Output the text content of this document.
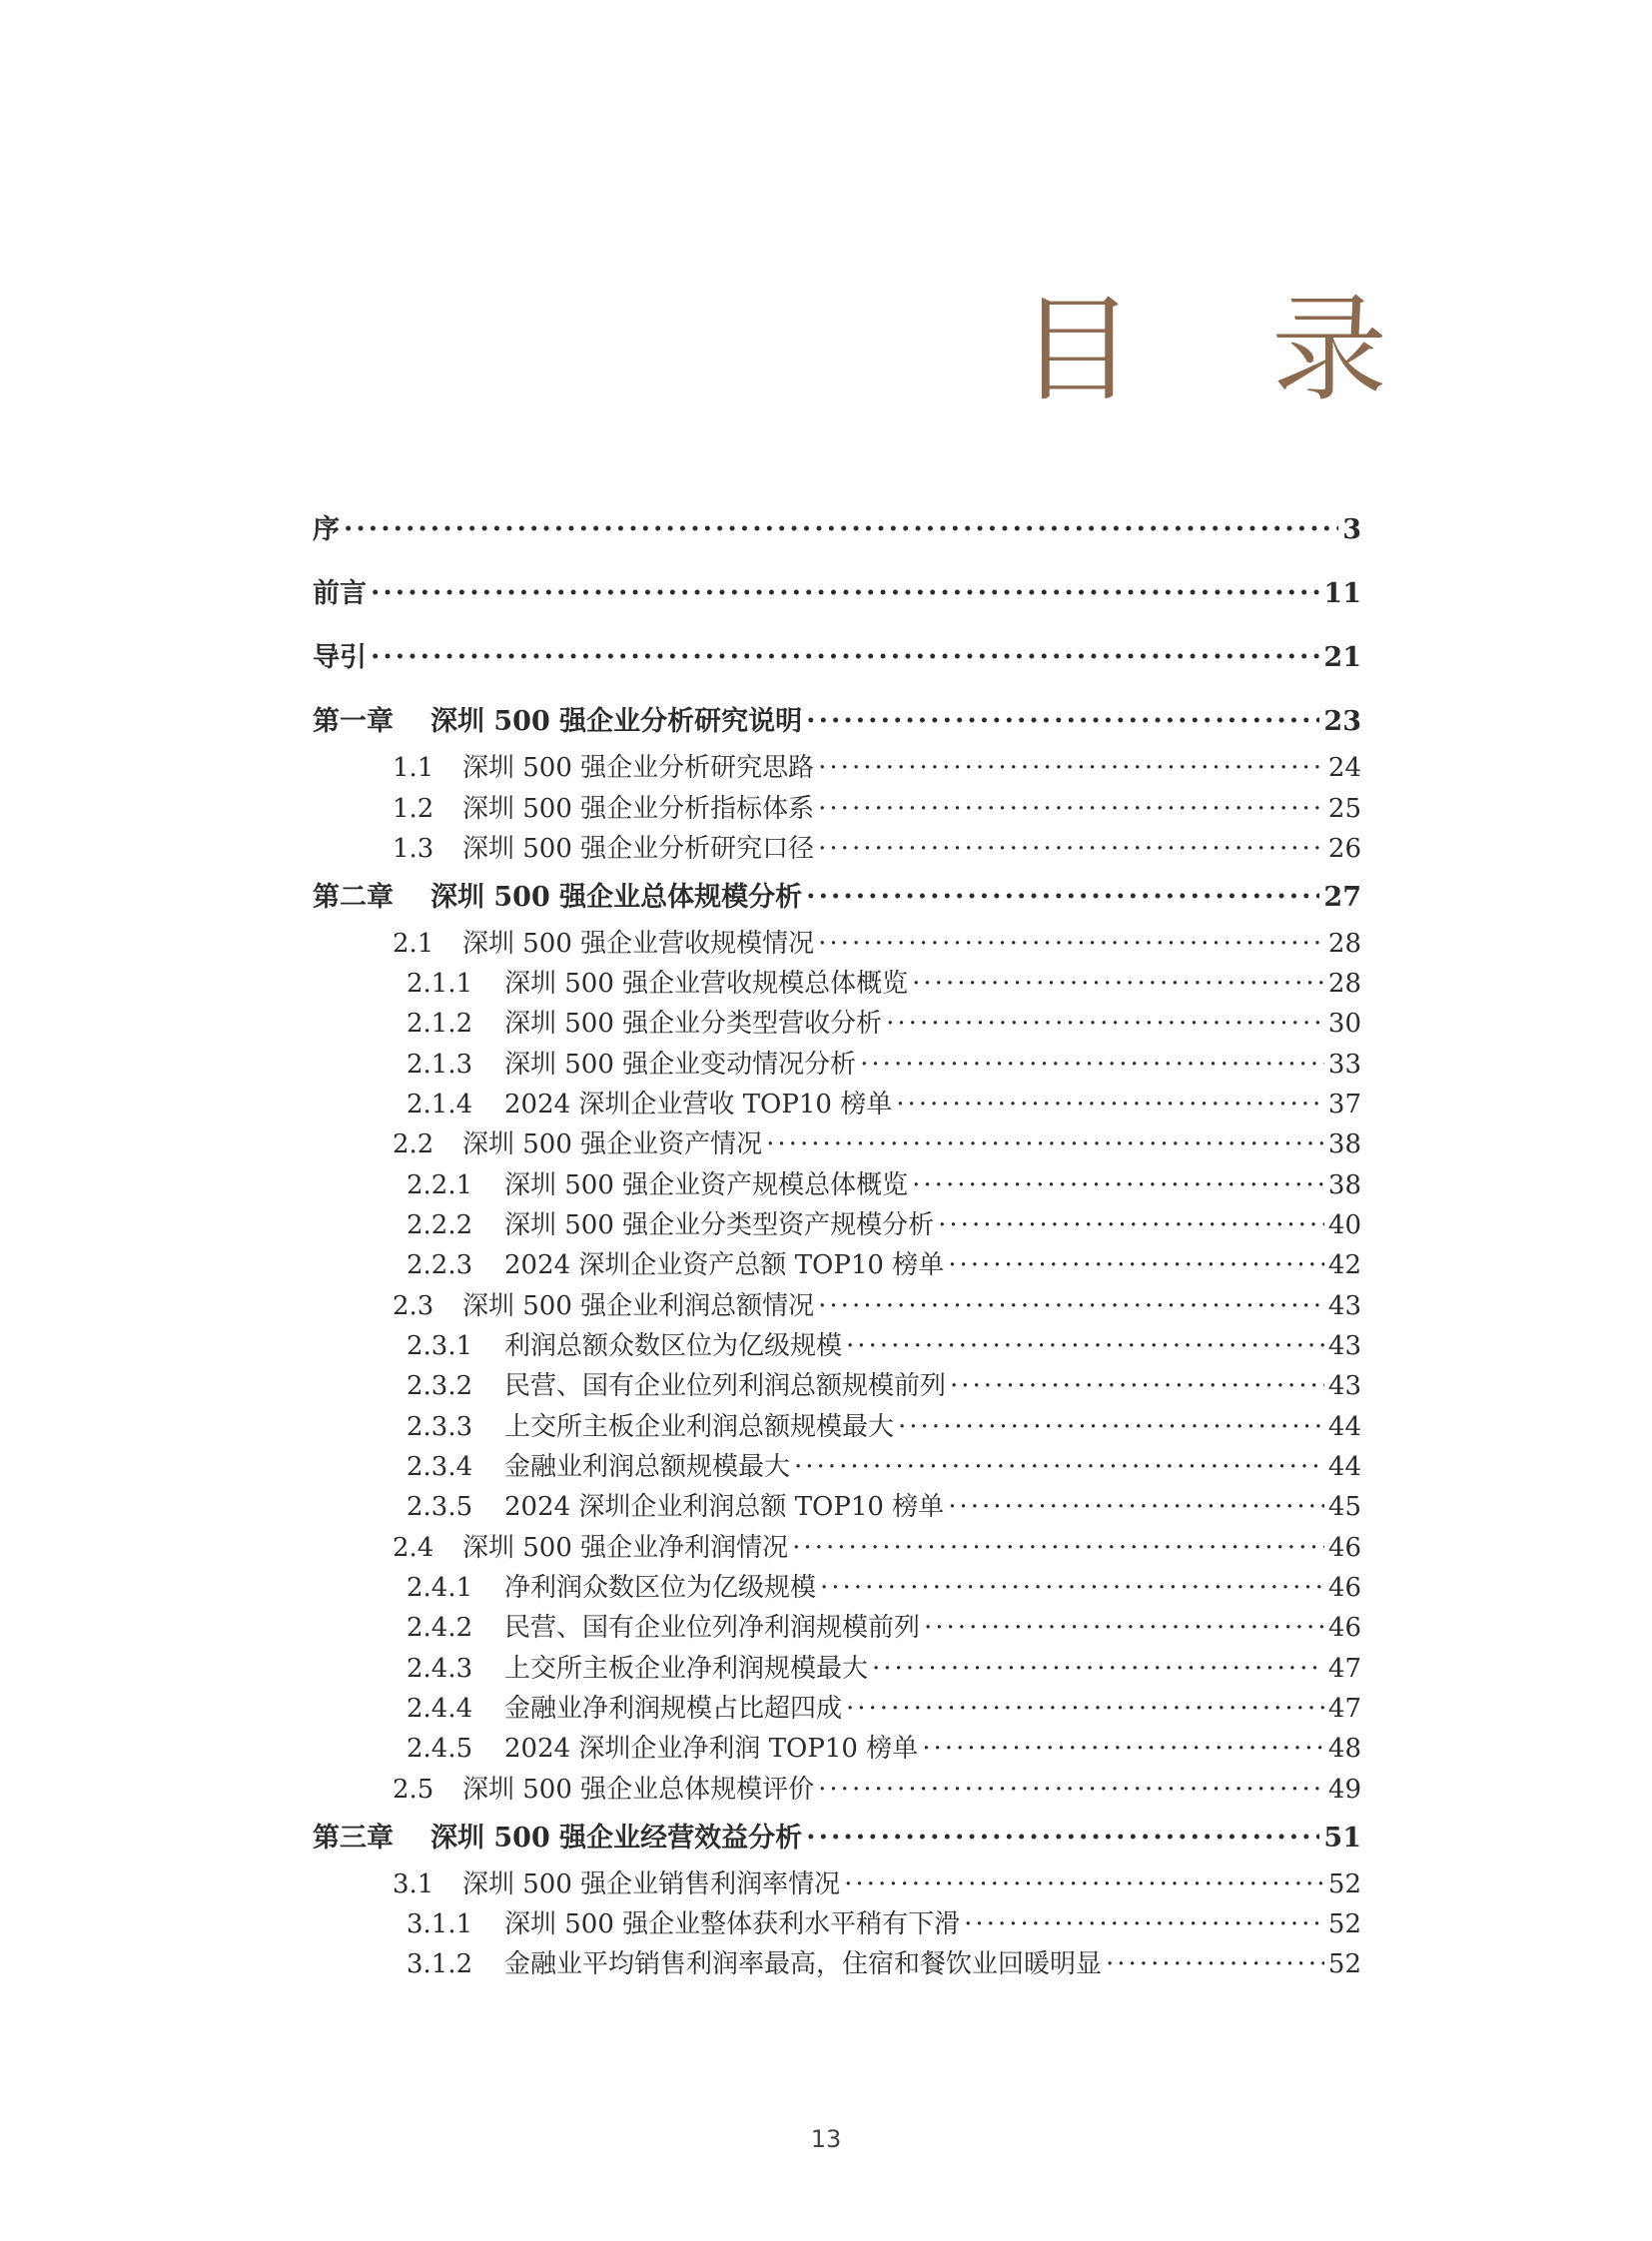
目 录
序 .....	3
前言 .....	11
导引 .....	21
第一章	深圳 500 强企业分析研究说明 .....	23
1.1	深圳 500 强企业分析研究思路 .....	24
1.2	深圳 500 强企业分析指标体系 .....	25
1.3	深圳 500 强企业分析研究口径 .....	26
第二章	深圳 500 强企业总体规模分析 .....	27
2.1	深圳 500 强企业营收规模情况 .....	28
2.1.1	深圳 500 强企业营收规模总体概览 .....	28
2.1.2	深圳 500 强企业分类型营收分析 .....	30
2.1.3	深圳 500 强企业变动情况分析 .....	33
2.1.4	2024 深圳企业营收 TOP10 榜单 .....	37
2.2	深圳 500 强企业资产情况 .....	38
2.2.1	深圳 500 强企业资产规模总体概览 .....	38
2.2.2	深圳 500 强企业分类型资产规模分析 .....	40
2.2.3	2024 深圳企业资产总额 TOP10 榜单 .....	42
2.3	深圳 500 强企业利润总额情况 .....	43
2.3.1	利润总额众数区位为亿级规模 .....	43
2.3.2	民营、国有企业位列利润总额规模前列 .....	43
2.3.3	上交所主板企业利润总额规模最大 .....	44
2.3.4	金融业利润总额规模最大 .....	44
2.3.5	2024 深圳企业利润总额 TOP10 榜单 .....	45
2.4	深圳 500 强企业净利润情况 .....	46
2.4.1	净利润众数区位为亿级规模 .....	46
2.4.2	民营、国有企业位列净利润规模前列 .....	46
2.4.3	上交所主板企业净利润规模最大 .....	47
2.4.4	金融业净利润规模占比超四成 .....	47
2.4.5	2024 深圳企业净利润 TOP10 榜单 .....	48
2.5	深圳 500 强企业总体规模评价 .....	49
第三章	深圳 500 强企业经营效益分析 .....	51
3.1	深圳 500 强企业销售利润率情况 .....	52
3.1.1	深圳 500 强企业整体获利水平稍有下滑 .....	52
3.1.2	金融业平均销售利润率最高，住宿和餐饮业回暖明显 .....	52
13
